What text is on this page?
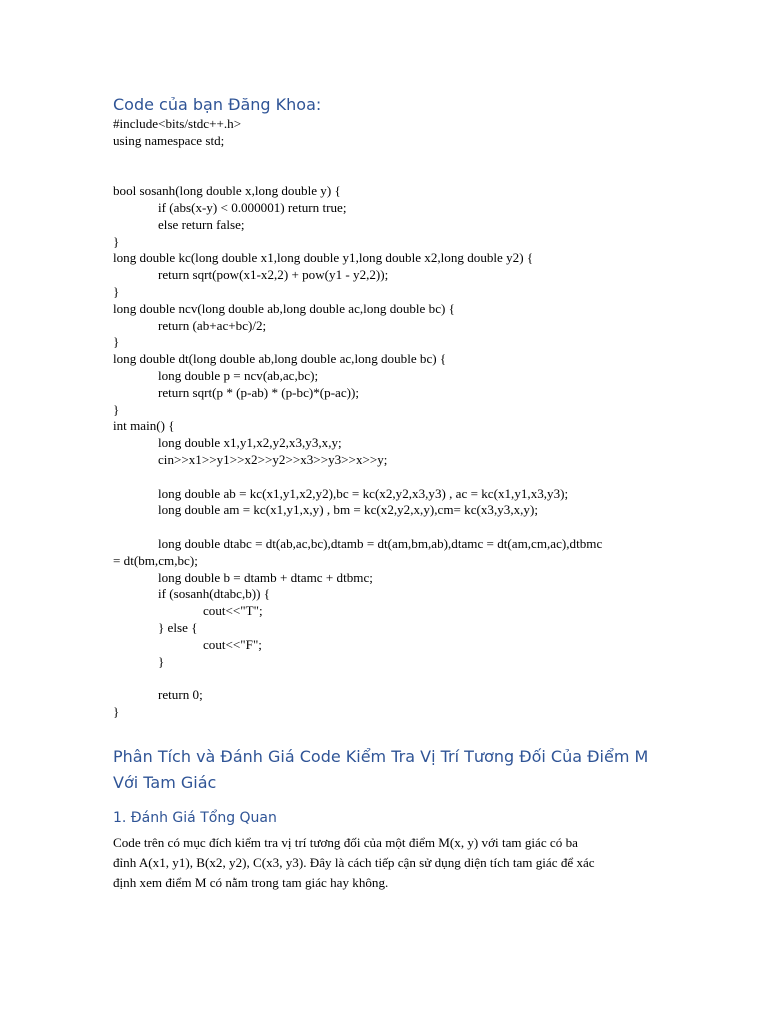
Code của bạn Đăng Khoa:
#include<bits/stdc++.h>
using namespace std;
bool sosanh(long double x,long double y) {
if (abs(x-y) < 0.000001) return true;
else return false;
}
long double kc(long double x1,long double y1,long double x2,long double y2) {
return sqrt(pow(x1-x2,2) + pow(y1 - y2,2));
}
long double ncv(long double ab,long double ac,long double bc) {
return (ab+ac+bc)/2;
}
long double dt(long double ab,long double ac,long double bc) {
long double p = ncv(ab,ac,bc);
return sqrt(p * (p-ab) * (p-bc)*(p-ac));
}
int main() {
long double x1,y1,x2,y2,x3,y3,x,y;
cin>>x1>>y1>>x2>>y2>>x3>>y3>>x>>y;
long double ab = kc(x1,y1,x2,y2),bc = kc(x2,y2,x3,y3) , ac = kc(x1,y1,x3,y3);
long double am = kc(x1,y1,x,y) , bm = kc(x2,y2,x,y),cm= kc(x3,y3,x,y);
long double dtabc = dt(ab,ac,bc),dtamb = dt(am,bm,ab),dtamc = dt(am,cm,ac),dtbmc
= dt(bm,cm,bc);
long double b = dtamb + dtamc + dtbmc;
if (sosanh(dtabc,b)) {
cout<<"T";
} else {
cout<<"F";
}
return 0;
}
Phân Tích và Đánh Giá Code Kiểm Tra Vị Trí Tương Đối Của Điểm M Với Tam Giác
1. Đánh Giá Tổng Quan
Code trên có mục đích kiểm tra vị trí tương đối của một điểm M(x, y) với tam giác có ba
đỉnh A(x1, y1), B(x2, y2), C(x3, y3). Đây là cách tiếp cận sử dụng diện tích tam giác để xác
định xem điểm M có nằm trong tam giác hay không.
